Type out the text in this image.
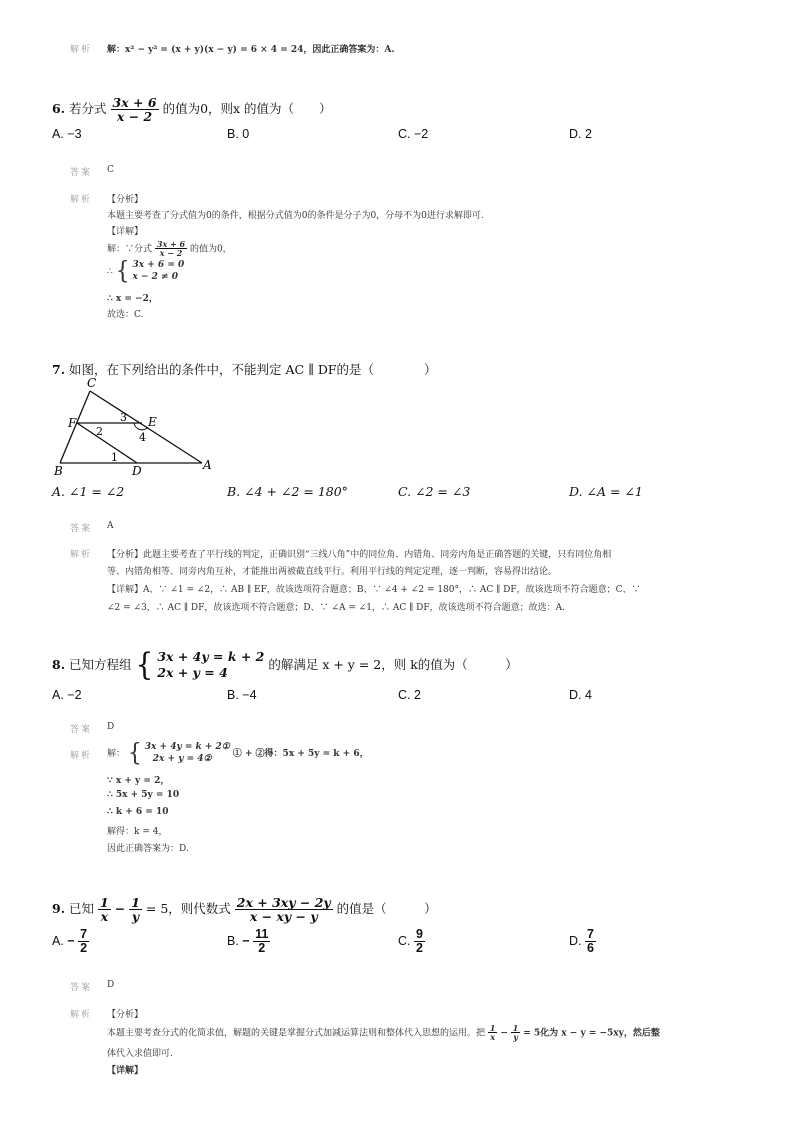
解析 解：x² − y² = (x + y)(x − y) = 6 × 4 = 24，因此正确答案为：A.
6. 若分式 $\frac{3x + 6}{x - 2}$ 的值为0，则x 的值为（　　）
A. −3	B. 0	C. −2	D. 2
答案 C
解析 【分析】
本题主要考查了分式值为0的条件，根据分式值为0的条件是分子为0，分母不为0进行求解即可.
【详解】
解：∵分式 $\frac{3x + 6}{x - 2}$ 的值为0，
∴ { 3x + 6 = 0
x − 2 ≠ 0
∴ x = −2，
故选：C.
7. 如图，在下列给出的条件中，不能判定 AC ∥ DF的是（　　　　）
C
F	3 E
2	4
1
B	D	A
A. ∠1 = ∠2	B. ∠4 + ∠2 = 180°	C. ∠2 = ∠3	D. ∠A = ∠1
答案 A
解析 【分析】此题主要考查了平行线的判定，正确识别“三线八角”中的同位角、内错角、同旁内角是正确答题的关键，只有同位角相
等、内错角相等、同旁内角互补，才能推出两被截直线平行。利用平行线的判定定理，逐一判断，容易得出结论。
【详解】A、∵ ∠1 = ∠2，∴ AB ∥ EF，故该选项符合题意；B、∵ ∠4 + ∠2 = 180°，∴ AC ∥ DF，故该选项不符合题意；C、∵
∠2 = ∠3，∴ AC ∥ DF，故该选项不符合题意；D、∵ ∠A = ∠1，∴ AC ∥ DF，故该选项不符合题意；故选：A.
8. 已知方程组 { 3x + 4y = k + 2
2x + y = 4
的解满足 x + y = 2，则 k的值为（　　　）
A. −2	B. −4	C. 2	D. 4
答案 D
解析 解： { 3x + 4y = k + 2①
2x + y = 4②	① + ②得：5x + 5y = k + 6，
∵ x + y = 2，
∴ 5x + 5y = 10
∴ k + 6 = 10
解得：k = 4，
因此正确答案为：D.
9. 已知 $\frac{1}{x} - \frac{1}{y} = 5$，则代数式 $\frac{2x + 3xy - 2y}{x - xy - y}$ 的值是（　　　）
A. − $\frac{7}{2}$	B. − $\frac{11}{2}$	C. $\frac{9}{2}$	D. $\frac{7}{6}$
答案 D
解析 【分析】
本题主要考查分式的化简求值，解题的关键是掌握分式加减运算法则和整体代入思想的运用。把 $\frac{1}{x} - \frac{1}{y} = 5$化为 x − y = −5xy，然后整
体代入求值即可.
【详解】
